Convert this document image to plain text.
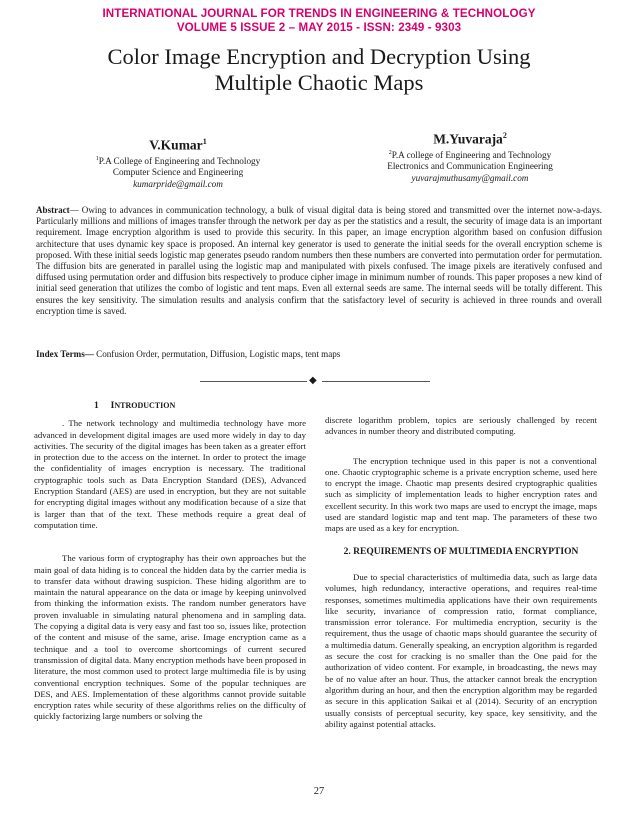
INTERNATIONAL JOURNAL FOR TRENDS IN ENGINEERING & TECHNOLOGY
VOLUME 5 ISSUE 2 – MAY 2015 - ISSN: 2349 - 9303
Color Image Encryption and Decryption Using
Multiple Chaotic Maps
V.Kumar$^1$
$^1$P.A College of Engineering and Technology
Computer Science and Engineering
kumarpride@gmail.com
M.Yuvaraja$^2$
$^2$P.A college of Engineering and Technology
Electronics and Communication Engineering
yuvarajmuthusamy@gmail.com
Abstract— Owing to advances in communication technology, a bulk of visual digital data is being stored and transmitted over the internet now-a-days. Particularly millions and millions of images transfer through the network per day as per the statistics and a result, the security of image data is an important requirement. Image encryption algorithm is used to provide this security. In this paper, an image encryption algorithm based on confusion diffusion architecture that uses dynamic key space is proposed. An internal key generator is used to generate the initial seeds for the overall encryption scheme is proposed. With these initial seeds logistic map generates pseudo random numbers then these numbers are converted into permutation order for permutation. The diffusion bits are generated in parallel using the logistic map and manipulated with pixels confused. The image pixels are iteratively confused and diffused using permutation order and diffusion bits respectively to produce cipher image in minimum number of rounds. This paper proposes a new kind of initial seed generation that utilizes the combo of logistic and tent maps. Even all external seeds are same. The internal seeds will be totally different. This ensures the key sensitivity. The simulation results and analysis confirm that the satisfactory level of security is achieved in three rounds and overall encryption time is saved.
Index Terms— Confusion Order, permutation, Diffusion, Logistic maps, tent maps
◆
1 INTRODUCTION

. The network technology and multimedia technology have more advanced in development digital images are used more widely in day to day activities. The security of the digital images has been taken as a greater effort in protection due to the access on the internet. In order to protect the image the confidentiality of images encryption is necessary. The traditional cryptographic tools such as Data Encryption Standard (DES), Advanced Encryption Standard (AES) are used in encryption, but they are not suitable for encrypting digital images without any modification because of a size that is larger than that of the text. These methods require a great deal of computation time.

The various form of cryptography has their own approaches but the main goal of data hiding is to conceal the hidden data by the carrier media is to transfer data without drawing suspicion. These hiding algorithm are to maintain the natural appearance on the data or image by keeping uninvolved from thinking the information exists. The random number generators have proven invaluable in simulating natural phenomena and in sampling data. The copying a digital data is very easy and fast too so, issues like, protection of the content and misuse of the same, arise. Image encryption came as a technique and a tool to overcome shortcomings of current secured transmission of digital data. Many encryption methods have been proposed in literature, the most common used to protect large multimedia file is by using conventional encryption techniques. Some of the popular techniques are DES, and AES. Implementation of these algorithms cannot provide suitable encryption rates while security of these algorithms relies on the difficulty of quickly factorizing large numbers or solving the

discrete logarithm problem, topics are seriously challenged by recent advances in number theory and distributed computing.

The encryption technique used in this paper is not a conventional one. Chaotic cryptographic scheme is a private encryption scheme, used here to encrypt the image. Chaotic map presents desired cryptographic qualities such as simplicity of implementation leads to higher encryption rates and excellent security. In this work two maps are used to encrypt the image, maps used are standard logistic map and tent map. The parameters of these two maps are used as a key for encryption.

2. REQUIREMENTS OF MULTIMEDIA ENCRYPTION

Due to special characteristics of multimedia data, such as large data volumes, high redundancy, interactive operations, and requires real-time responses, sometimes multimedia applications have their own requirements like security, invariance of compression ratio, format compliance, transmission error tolerance. For multimedia encryption, security is the requirement, thus the usage of chaotic maps should guarantee the security of a multimedia datum. Generally speaking, an encryption algorithm is regarded as secure the cost for cracking is no smaller than the One paid for the authorization of video content. For example, in broadcasting, the news may be of no value after an hour. Thus, the attacker cannot break the encryption algorithm during an hour, and then the encryption algorithm may be regarded as secure in this application Saikai et al (2014). Security of an encryption usually consists of perceptual security, key space, key sensitivity, and the ability against potential attacks.

27
